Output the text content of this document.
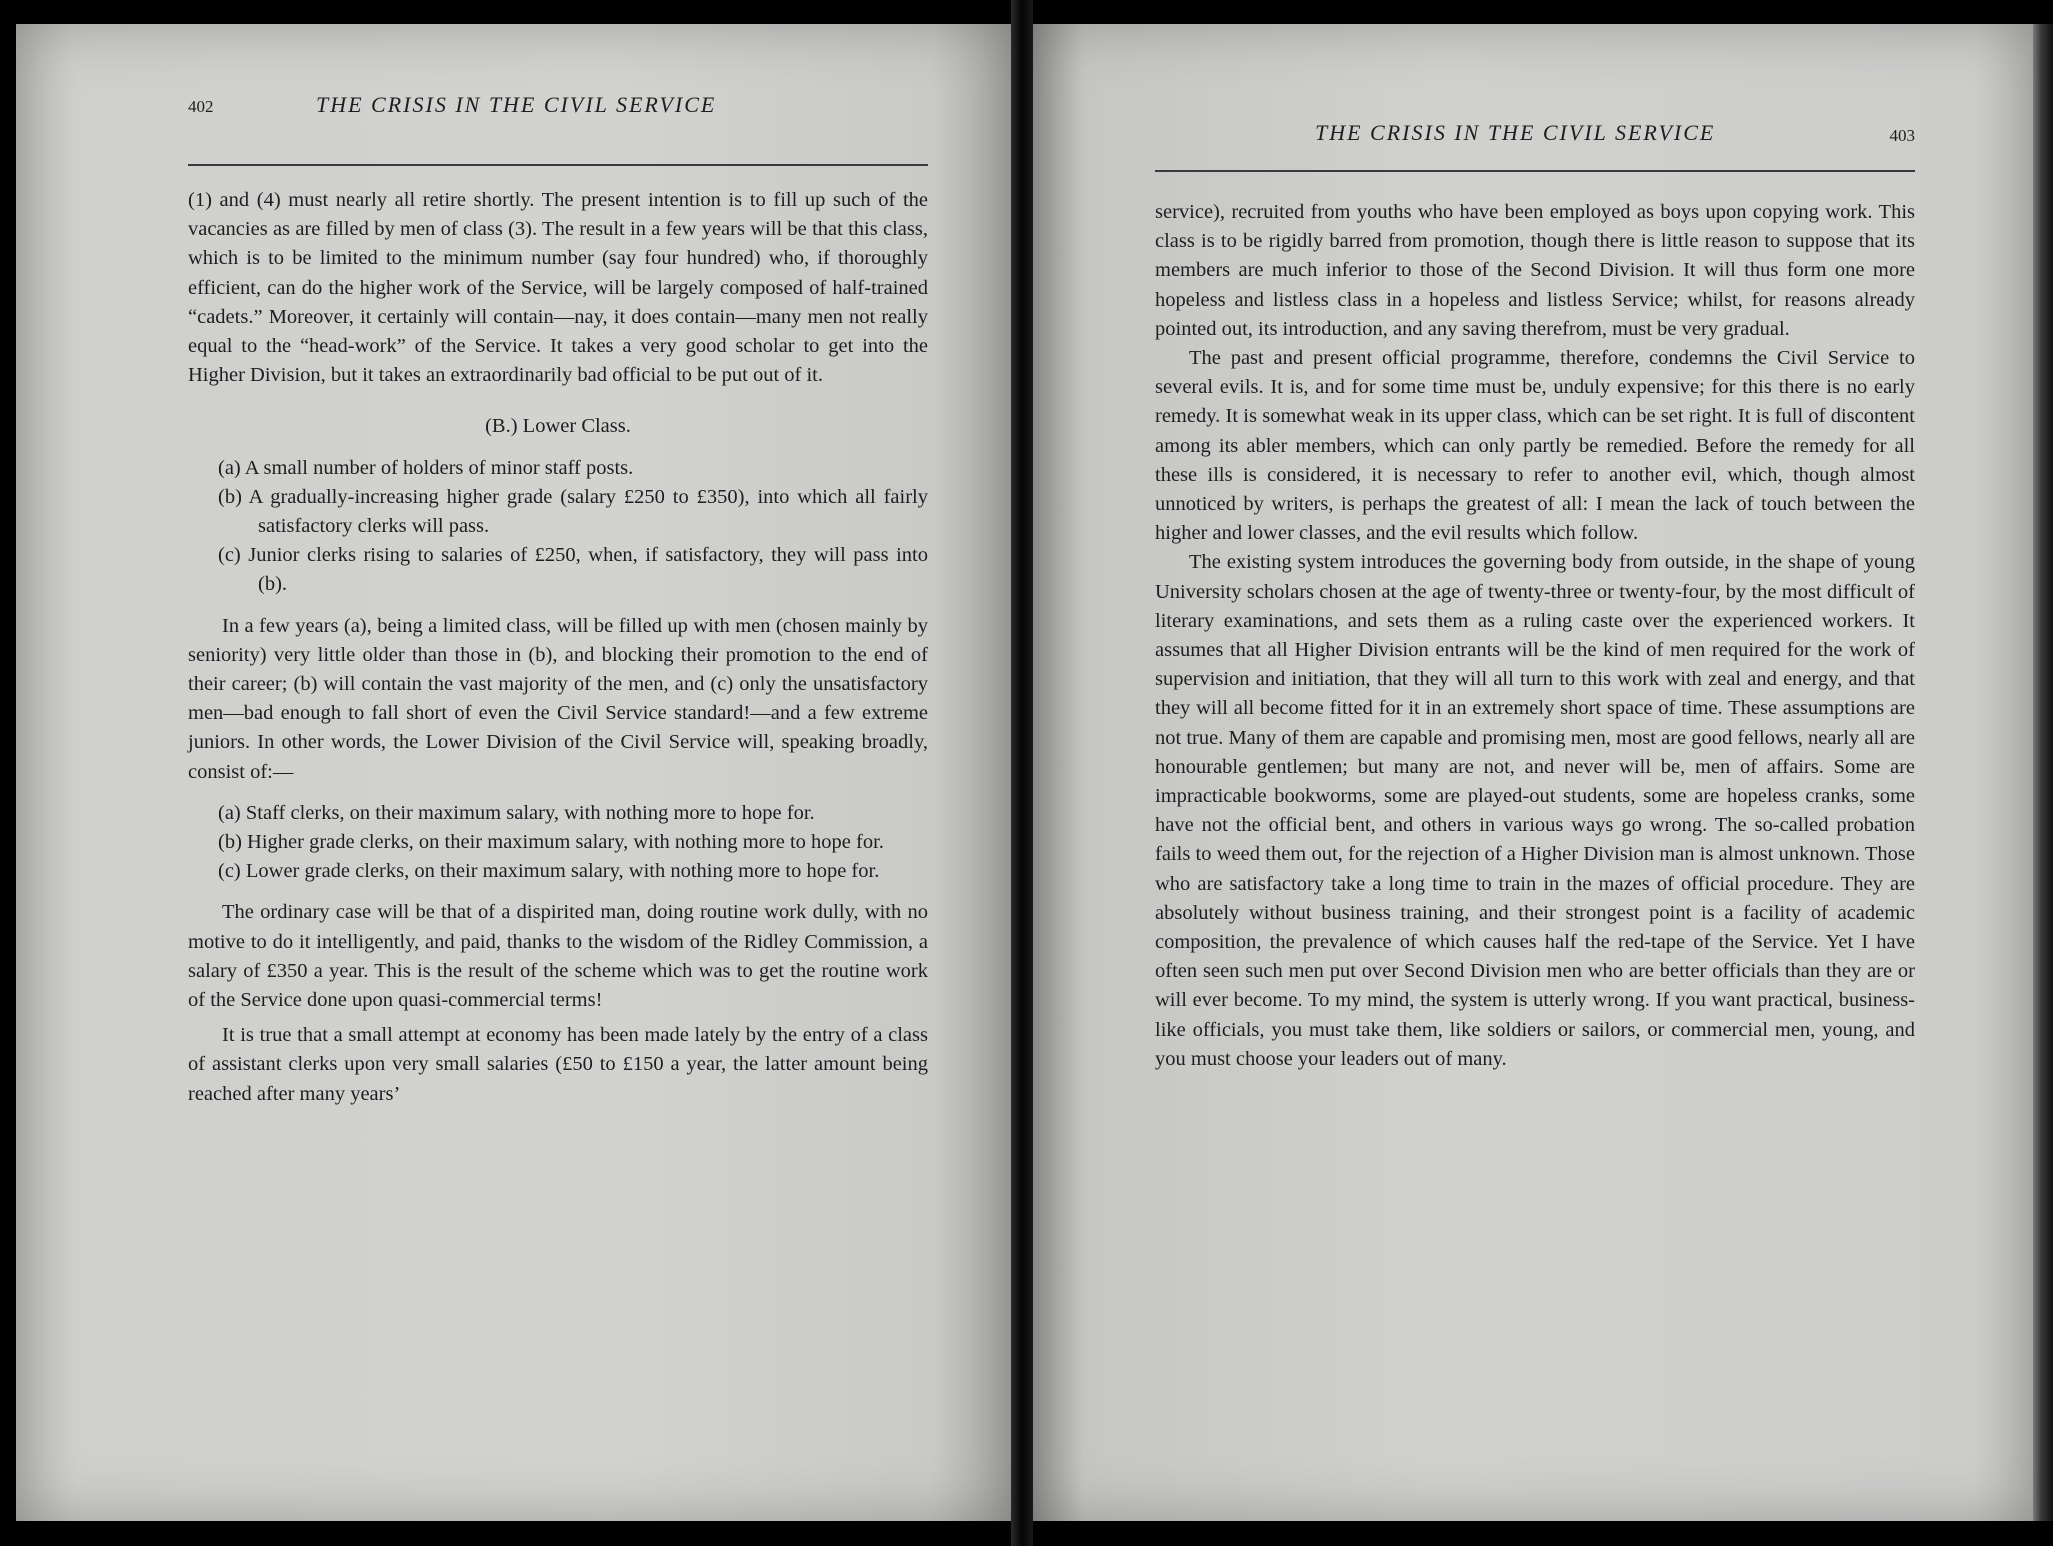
402	THE CRISIS IN THE CIVIL SERVICE

(1) and (4) must nearly all retire shortly. The present intention is to fill up such of the vacancies as are filled by men of class (3). The result in a few years will be that this class, which is to be limited to the minimum number (say four hundred) who, if thoroughly efficient, can do the higher work of the Service, will be largely composed of half-trained “cadets.” Moreover, it certainly will contain—nay, it does contain—many men not really equal to the “head-work” of the Service. It takes a very good scholar to get into the Higher Division, but it takes an extraordinarily bad official to be put out of it.

(B.) Lower Class.

(a) A small number of holders of minor staff posts.

(b) A gradually-increasing higher grade (salary £250 to £350), into which all fairly satisfactory clerks will pass.

(c) Junior clerks rising to salaries of £250, when, if satisfactory, they will pass into (b).

In a few years (a), being a limited class, will be filled up with men (chosen mainly by seniority) very little older than those in (b), and blocking their promotion to the end of their career; (b) will contain the vast majority of the men, and (c) only the unsatisfactory men—bad enough to fall short of even the Civil Service standard!—and a few extreme juniors. In other words, the Lower Division of the Civil Service will, speaking broadly, consist of:—

(a) Staff clerks, on their maximum salary, with nothing more to hope for.

(b) Higher grade clerks, on their maximum salary, with nothing more to hope for.

(c) Lower grade clerks, on their maximum salary, with nothing more to hope for.

The ordinary case will be that of a dispirited man, doing routine work dully, with no motive to do it intelligently, and paid, thanks to the wisdom of the Ridley Commission, a salary of £350 a year. This is the result of the scheme which was to get the routine work of the Service done upon quasi-commercial terms!

It is true that a small attempt at economy has been made lately by the entry of a class of assistant clerks upon very small salaries (£50 to £150 a year, the latter amount being reached after many years’

THE CRISIS IN THE CIVIL SERVICE	403

service), recruited from youths who have been employed as boys upon copying work. This class is to be rigidly barred from promotion, though there is little reason to suppose that its members are much inferior to those of the Second Division. It will thus form one more hopeless and listless class in a hopeless and listless Service; whilst, for reasons already pointed out, its introduction, and any saving therefrom, must be very gradual.

The past and present official programme, therefore, condemns the Civil Service to several evils. It is, and for some time must be, unduly expensive; for this there is no early remedy. It is somewhat weak in its upper class, which can be set right. It is full of discontent among its abler members, which can only partly be remedied. Before the remedy for all these ills is considered, it is necessary to refer to another evil, which, though almost unnoticed by writers, is perhaps the greatest of all: I mean the lack of touch between the higher and lower classes, and the evil results which follow.

The existing system introduces the governing body from outside, in the shape of young University scholars chosen at the age of twenty-three or twenty-four, by the most difficult of literary examinations, and sets them as a ruling caste over the experienced workers. It assumes that all Higher Division entrants will be the kind of men required for the work of supervision and initiation, that they will all turn to this work with zeal and energy, and that they will all become fitted for it in an extremely short space of time. These assumptions are not true. Many of them are capable and promising men, most are good fellows, nearly all are honourable gentlemen; but many are not, and never will be, men of affairs. Some are impracticable bookworms, some are played-out students, some are hopeless cranks, some have not the official bent, and others in various ways go wrong. The so-called probation fails to weed them out, for the rejection of a Higher Division man is almost unknown. Those who are satisfactory take a long time to train in the mazes of official procedure. They are absolutely without business training, and their strongest point is a facility of academic composition, the prevalence of which causes half the red-tape of the Service. Yet I have often seen such men put over Second Division men who are better officials than they are or will ever become. To my mind, the system is utterly wrong. If you want practical, business-like officials, you must take them, like soldiers or sailors, or commercial men, young, and you must choose your leaders out of many.
